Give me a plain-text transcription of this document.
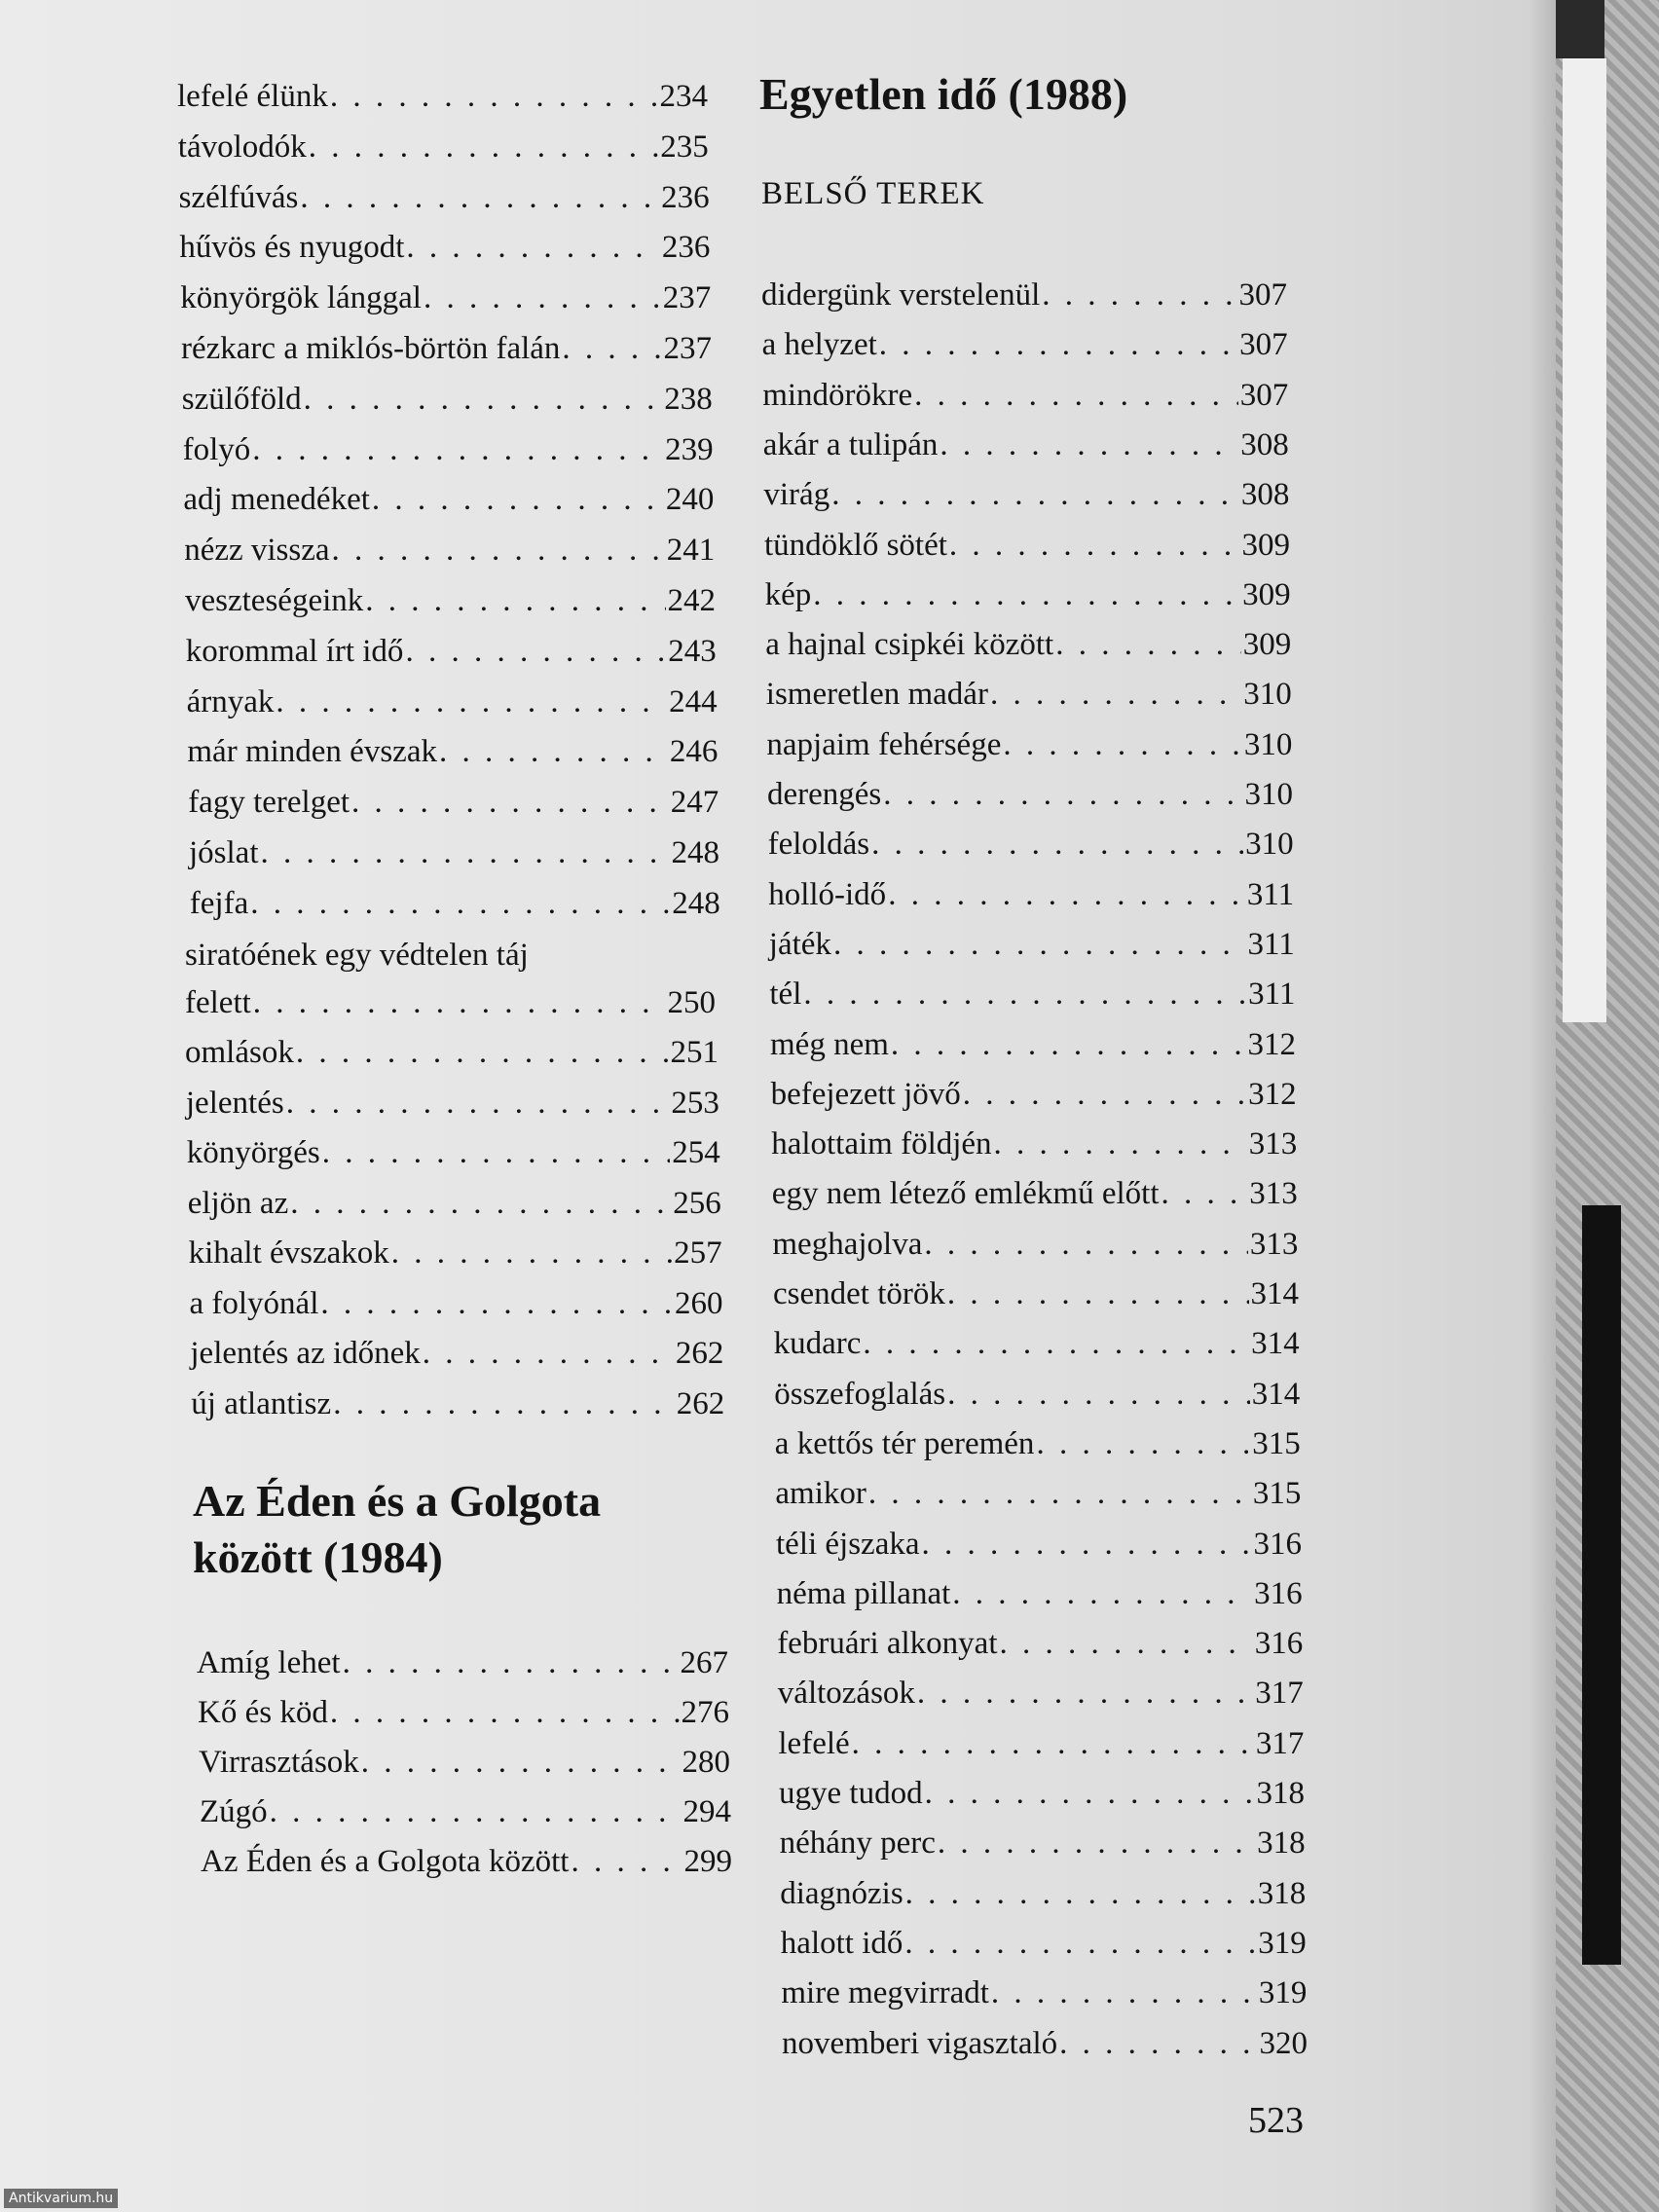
Egyetlen idő (1988)
BELSŐ TEREK
Az Éden és a Golgota
között (1984)
lefelé élünk . . .	234
távolodók . . .	235
szélfúvás . . .	236
hűvös és nyugodt . . .	236
könyörgök lánggal . . .	237
rézkarc a miklós-börtön falán . . .	237
szülőföld . . .	238
folyó . . .	239
adj menedéket . . .	240
nézz vissza . . .	241
veszteségeink . . .	242
korommal írt idő . . .	243
árnyak . . .	244
már minden évszak . . .	246
fagy terelget . . .	247
jóslat . . .	248
fejfa . . .	248
siratóének egy védtelen táj
felett . . .	250
omlások . . .	251
jelentés . . .	253
könyörgés . . .	254
eljön az . . .	256
kihalt évszakok . . .	257
a folyónál . . .	260
jelentés az időnek . . .	262
új atlantisz . . .	262
Amíg lehet . . .	267
Kő és köd . . .	276
Virrasztások . . .	280
Zúgó . . .	294
Az Éden és a Golgota között . . .	299
didergünk verstelenül . . .	307
a helyzet . . .	307
mindörökre . . .	307
akár a tulipán . . .	308
virág . . .	308
tündöklő sötét . . .	309
kép . . .	309
a hajnal csipkéi között . . .	309
ismeretlen madár . . .	310
napjaim fehérsége . . .	310
derengés . . .	310
feloldás . . .	310
holló-idő . . .	311
játék . . .	311
tél . . .	311
még nem . . .	312
befejezett jövő . . .	312
halottaim földjén . . .	313
egy nem létező emlékmű előtt . . .	313
meghajolva . . .	313
csendet török . . .	314
kudarc . . .	314
összefoglalás . . .	314
a kettős tér peremén . . .	315
amikor . . .	315
téli éjszaka . . .	316
néma pillanat . . .	316
februári alkonyat . . .	316
változások . . .	317
lefelé . . .	317
ugye tudod . . .	318
néhány perc . . .	318
diagnózis . . .	318
halott idő . . .	319
mire megvirradt . . .	319
novemberi vigasztaló . . .	320
523
Antikvarium.hu
